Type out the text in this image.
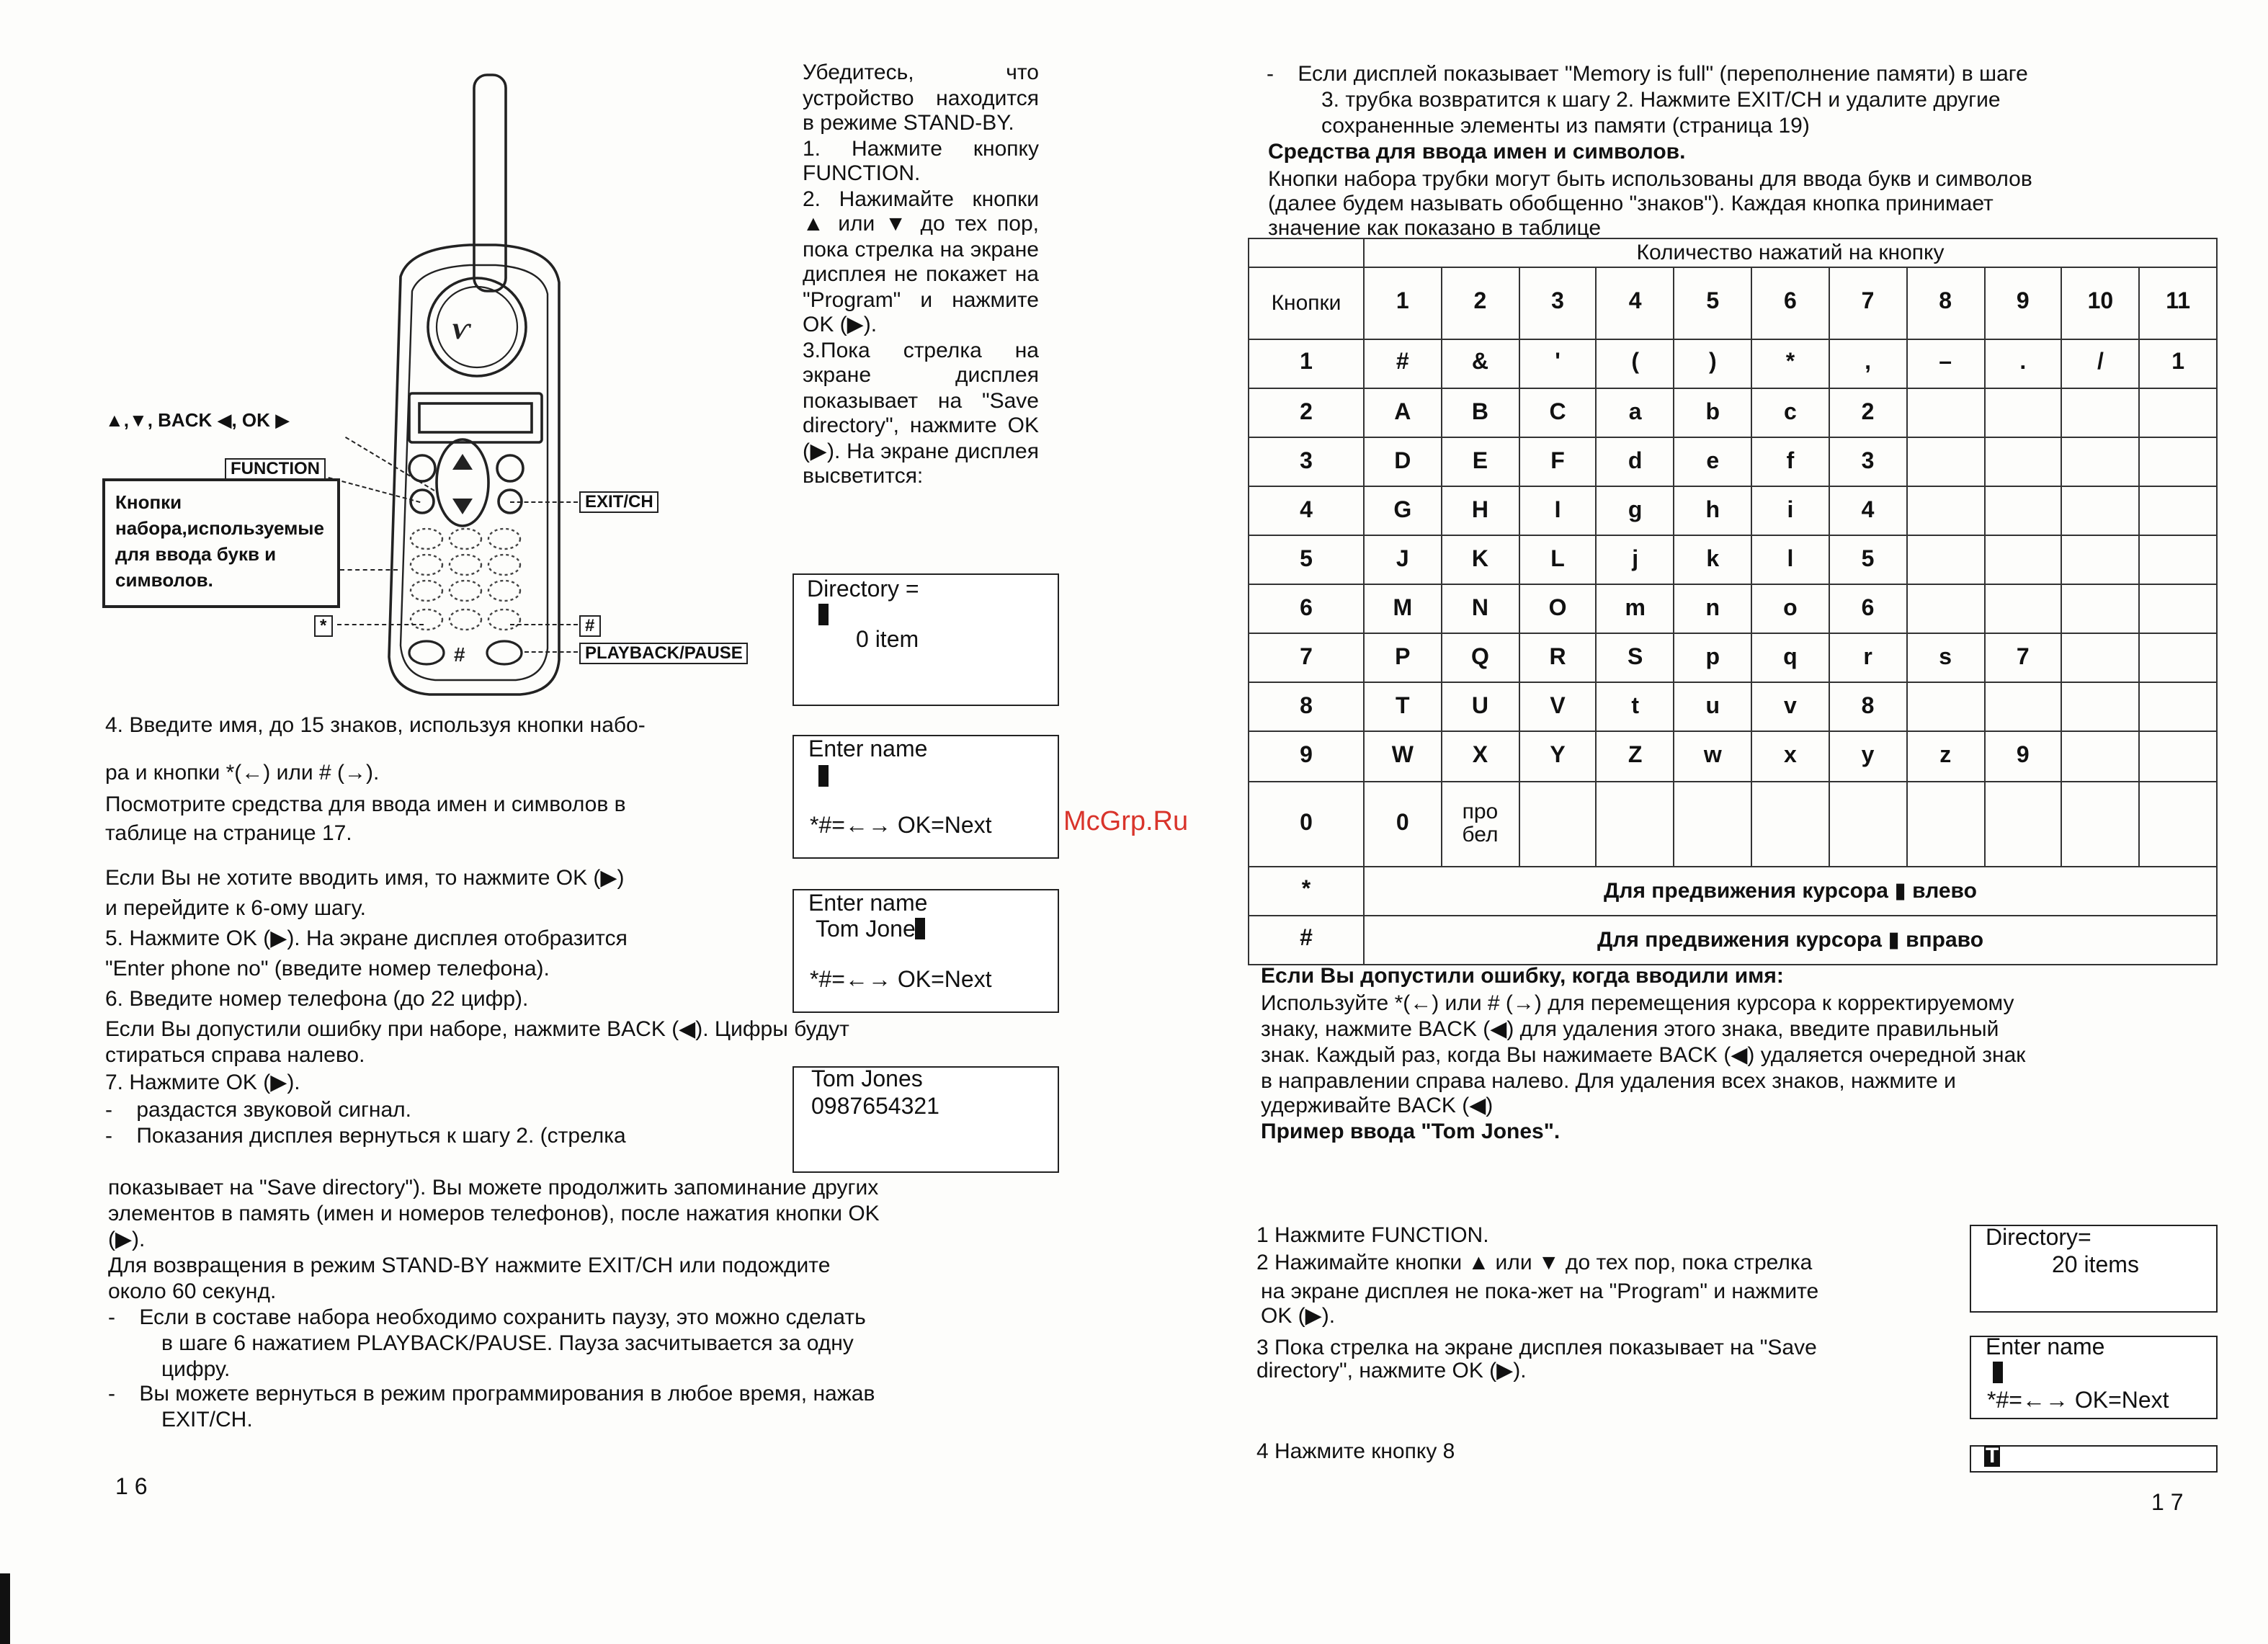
ѵ
#
▲,▼, BACK ◀, OK ▶
FUNCTION
EXIT/CH
Кнопки набора,используемые для ввода букв и символов.
*	#
PLAYBACK/PAUSE

Убедитесь, что устройство находится в режиме STAND-BY.

1. Нажмите кнопку FUNCTION.

2. Нажимайте кнопки ▲ или ▼ до тех пор, пока стрелка на экране дисплея не покажет на "Program" и нажмите OK (▶).

3.Пока стрелка на экране дисплея показывает на "Save directory", нажмите OK (▶). На экране дисплея высветится:

Directory =
0 item
Enter name
*#=←→ OK=Next
Enter name
Tom Jone
*#=←→ OK=Next
Tom Jones
0987654321
4. Введите имя, до 15 знаков, используя кнопки набо-
ра и кнопки *(←) или # (→).
Посмотрите средства для ввода имен и символов в
таблице на странице 17.
Если Вы не хотите вводить имя, то нажмите OK (▶)
и перейдите к 6-ому шагу.
5. Нажмите OK (▶). На экране дисплея отобразится
"Enter phone no" (введите номер телефона).
6. Введите номер телефона (до 22 цифр).
Если Вы допустили ошибку при наборе, нажмите BACK (◀). Цифры будут
стираться справа налево.
7. Нажмите OK (▶).
-    раздастся звуковой сигнал.
-    Показания дисплея вернуться к шагу 2. (стрелка
показывает на "Save directory"). Вы можете продолжить запоминание других
элементов в память (имен и номеров телефонов), после нажатия кнопки OK
(▶).
Для возвращения в режим STAND-BY нажмите EXIT/CH или подождите
около 60 секунд.
-    Если в составе набора необходимо сохранить паузу, это можно сделать
в шаге 6 нажатием PLAYBACK/PAUSE. Пауза засчитывается за одну
цифру.
-    Вы можете вернуться в режим программирования в любое время, нажав
EXIT/CH.
1 6
McGrp.Ru
-    Если дисплей показывает "Memory is full" (переполнение памяти) в шаге
3. трубка возвратится к шагу 2. Нажмите EXIT/CH и удалите другие
сохраненные элементы из памяти (страница 19)
Средства для ввода имен и символов.
Кнопки набора трубки могут быть использованы для ввода букв и символов
(далее будем называть обобщенно "знаков"). Каждая кнопка принимает
значение как показано в таблице
	Количество нажатий на кнопку										
Кнопки	1	2	3	4	5	6	7	8	9	10	11
1	#	&	'	(	)	*	,	–	.	/	1
2	A	B	C	a	b	c	2				
3	D	E	F	d	e	f	3				
4	G	H	I	g	h	i	4				
5	J	K	L	j	k	l	5				
6	M	N	O	m	n	o	6				
7	P	Q	R	S	p	q	r	s	7		
8	T	U	V	t	u	v	8				
9	W	X	Y	Z	w	x	y	z	9		
0	0	про бел									
*	Для предвижения курсора ▮ влево										
#	Для предвижения курсора ▮ вправо										
Если Вы допустили ошибку, когда вводили имя:
Используйте *(←) или # (→) для перемещения курсора к корректируемому
знаку, нажмите BACK (◀) для удаления этого знака, введите правильный
знак. Каждый раз, когда Вы нажимаете BACK (◀) удаляется очередной знак
в направлении справа налево. Для удаления всех знаков, нажмите и
удерживайте BACK (◀)
Пример ввода "Tom Jones".
1 Нажмите FUNCTION.
2 Нажимайте кнопки ▲ или ▼ до тех пор, пока стрелка
на экране дисплея не пока-жет на "Program" и нажмите
OK (▶).
3 Пока стрелка на экране дисплея показывает на "Save
directory", нажмите OK (▶).
4 Нажмите кнопку 8
Directory=
20 items
Enter name
*#=←→ OK=Next
T
1 7
